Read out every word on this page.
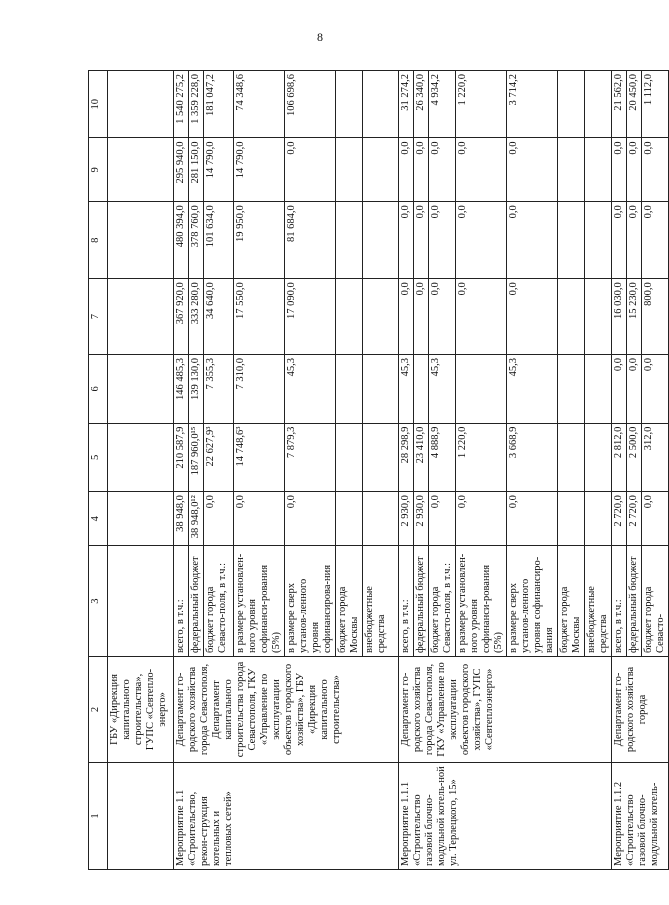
8
1	2	3	4	5	6	7	8	9	10
	ГБУ «Дирекция капитального строительства», ГУПС «Севтепло-энерго»								
Мероприятие 1.1 «Строительство, рекон-струкция котельных и тепловых сетей»	Департамент го-родского хозяйства города Севастополя, Департамент капитального строительства города Севастополя, ГКУ «Управление по эксплуатации объектов городского хозяйства», ГБУ «Дирекция капитального строительства»	всего, в т.ч.:	38 948,0	210 587,9	146 485,3	367 920,0	480 394,0	295 940,0	1 540 275,2
		федеральный бюджет	38 948,0¹²	187 960,0¹⁵	139 130,0	333 280,0	378 760,0	281 150,0	1 359 228,0
		бюджет города Севасто-поля, в т.ч.:	0,0	22 627,9³	7 355,3	34 640,0	101 634,0	14 790,0	181 047,2
		в размере установлен-ного уровня софинанси-рования (5%)	0,0	14 748,6³	7 310,0	17 550,0	19 950,0	14 790,0	74 348,6
		в размере сверх установ-ленного уровня софинансирова-ния	0,0	7 879,3	45,3	17 090,0	81 684,0	0,0	106 698,6
		бюджет города Москвы							
		внебюджетные средства							
Мероприятие 1.1.1 «Строительство газовой блочно-модульной котель-ной ул. Терлецкого, 15»	Департамент го-родского хозяйства города Севастополя, ГКУ «Управление по эксплуатации объектов городского хозяйства», ГУПС «Севтеплоэнерго»	всего, в т.ч.:	2 930,0	28 298,9	45,3	0,0	0,0	0,0	31 274,2
		федеральный бюджет	2 930,0	23 410,0		0,0	0,0	0,0	26 340,0
		бюджет города Севасто-поля, в т.ч.:	0,0	4 888,9	45,3	0,0	0,0	0,0	4 934,2
		в размере установлен-ного уровня софинанси-рования (5%)	0,0	1 220,0		0,0	0,0	0,0	1 220,0
		в размере сверх установ-ленного уровня софинансиро-вания	0,0	3 668,9	45,3	0,0	0,0	0,0	3 714,2
		бюджет города Москвы							
		внебюджетные средства							
Мероприятие 1.1.2 «Строительство газовой блочно-модульной котель-	Департамент го-родского хозяйства города	всего, в т.ч.:	2 720,0	2 812,0	0,0	16 030,0	0,0	0,0	21 562,0
		федеральный бюджет	2 720,0	2 500,0	0,0	15 230,0	0,0	0,0	20 450,0
		бюджет города Севасто-	0,0	312,0	0,0	800,0	0,0	0,0	1 112,0
